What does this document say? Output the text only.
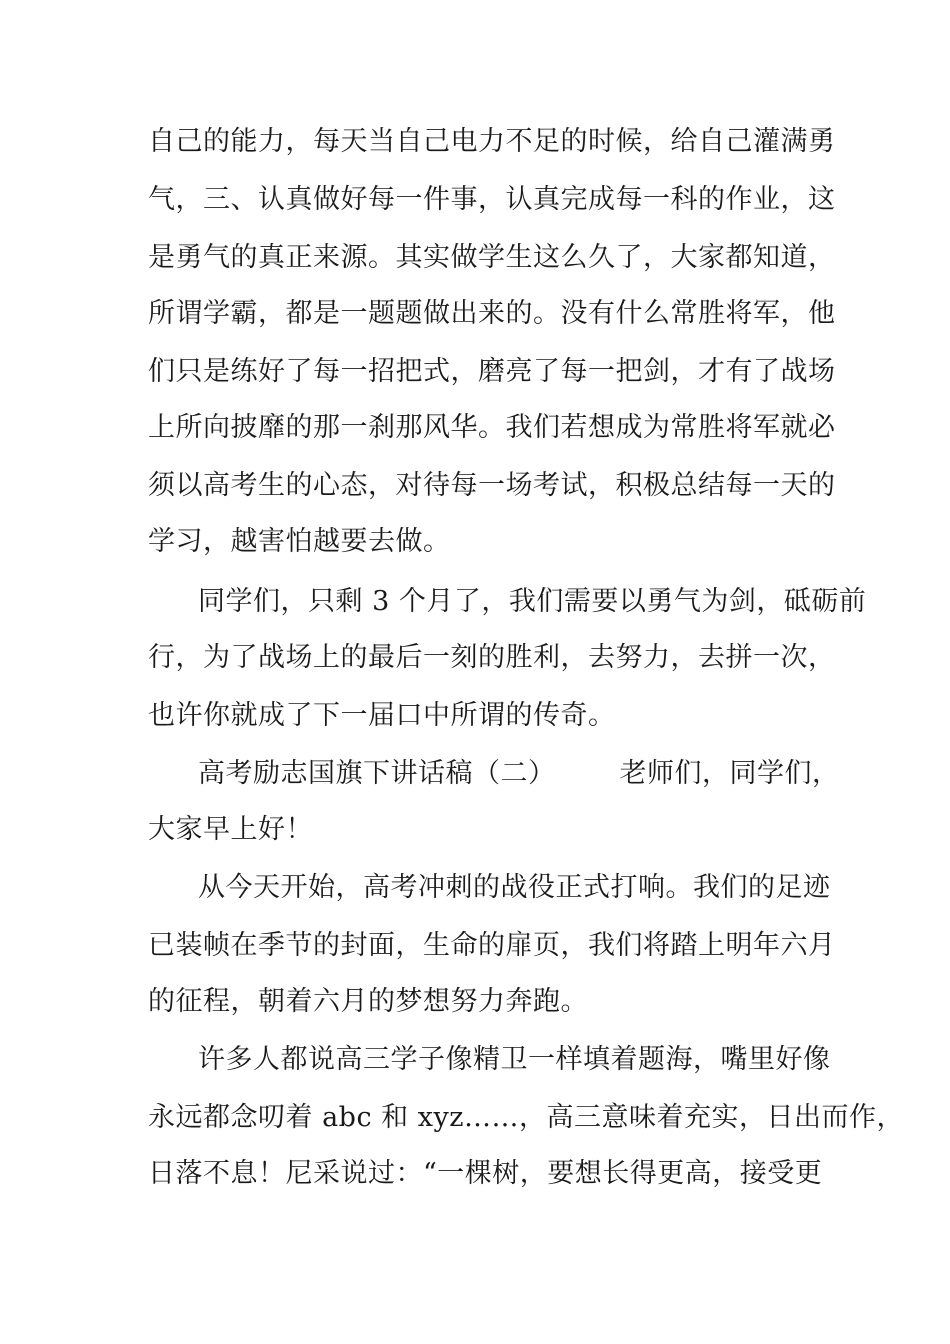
自己的能力，每天当自己电力不足的时候，给自己灌满勇
气，三、认真做好每一件事，认真完成每一科的作业，这
是勇气的真正来源。其实做学生这么久了，大家都知道，
所谓学霸，都是一题题做出来的。没有什么常胜将军，他
们只是练好了每一招把式，磨亮了每一把剑，才有了战场
上所向披靡的那一刹那风华。我们若想成为常胜将军就必
须以高考生的心态，对待每一场考试，积极总结每一天的
学习，越害怕越要去做。
同学们，只剩 3 个月了，我们需要以勇气为剑，砥砺前
行，为了战场上的最后一刻的胜利，去努力，去拼一次，
也许你就成了下一届口中所谓的传奇。
高考励志国旗下讲话稿（二） 老师们，同学们，
大家早上好！
从今天开始，高考冲刺的战役正式打响。我们的足迹
已装帧在季节的封面，生命的扉页，我们将踏上明年六月
的征程，朝着六月的梦想努力奔跑。
许多人都说高三学子像精卫一样填着题海，嘴里好像
永远都念叨着 abc 和 xyz……，高三意味着充实，日出而作，
日落不息！尼采说过：“一棵树，要想长得更高，接受更
